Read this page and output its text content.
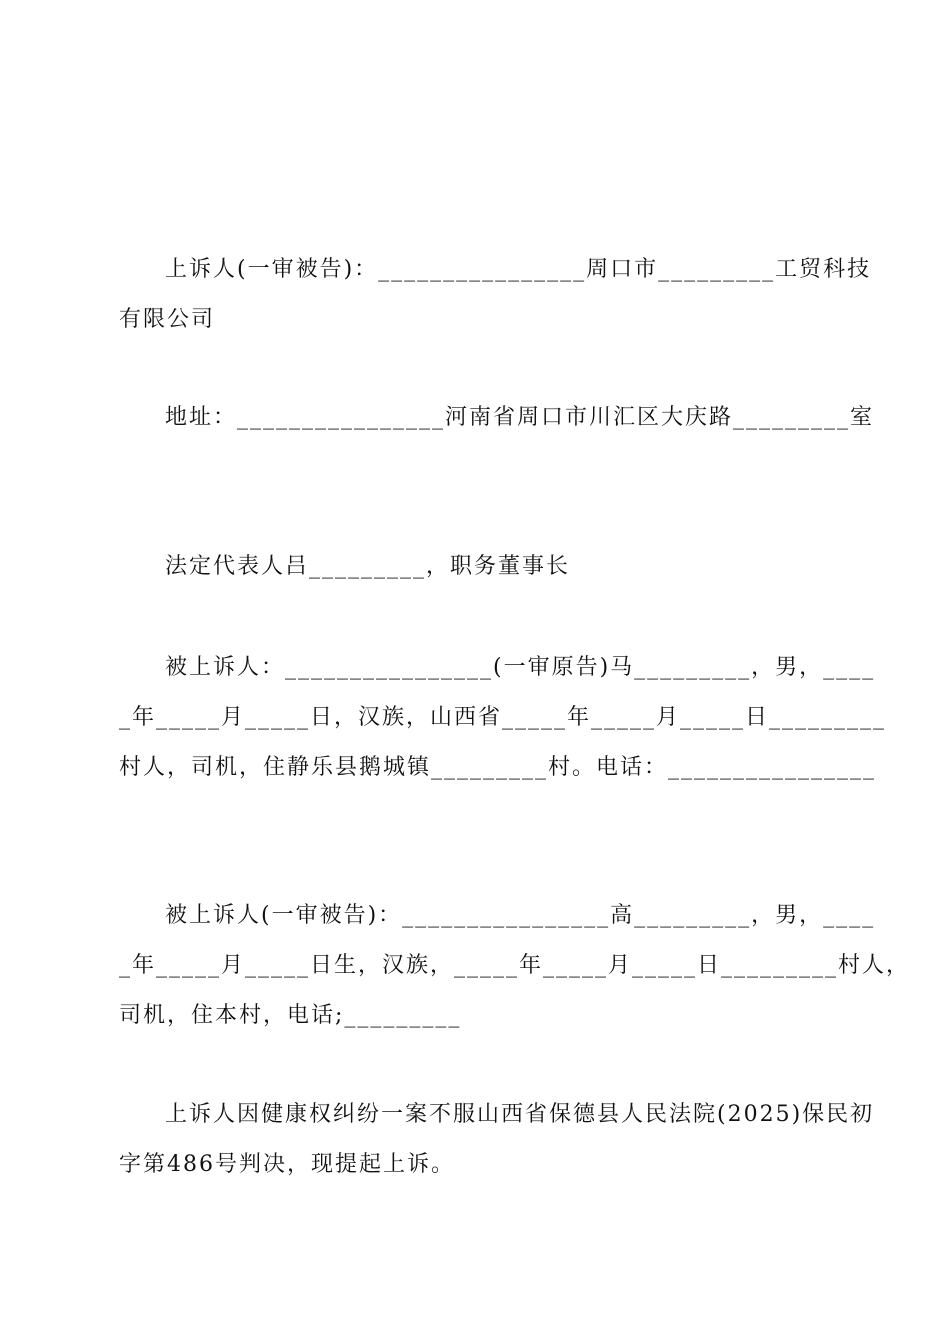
上诉人(一审被告)：________________周口市_________工贸科技
有限公司
地址：________________河南省周口市川汇区大庆路_________室
法定代表人吕_________，职务董事长
被上诉人：________________(一审原告)马_________，男，____
_年_____月_____日，汉族，山西省_____年_____月_____日_________
村人，司机，住静乐县鹅城镇_________村。电话：________________
被上诉人(一审被告)：________________高_________，男，____
_年_____月_____日生，汉族，_____年_____月_____日_________村人，
司机，住本村，电话;_________
上诉人因健康权纠纷一案不服山西省保德县人民法院(2025)保民初
字第486号判决，现提起上诉。
